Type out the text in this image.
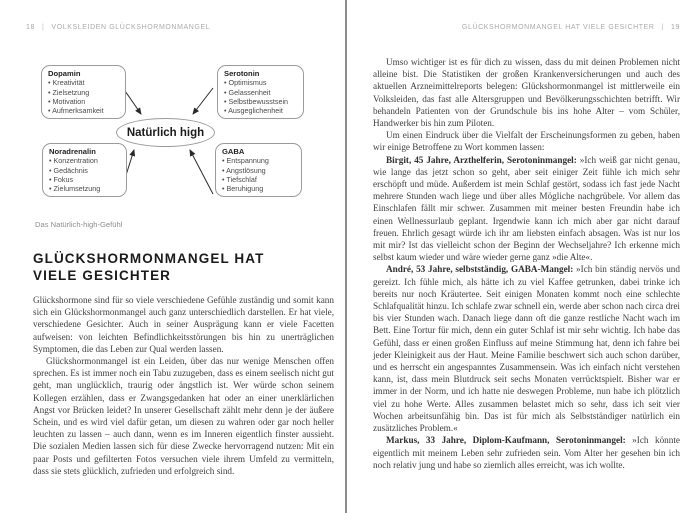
18 | VOLKSLEIDEN GLÜCKSHORMONMANGEL
Dopamin
• Kreativität
• Zielsetzung
• Motivation
• Aufmerksamkeit
Serotonin
• Optimismus
• Gelassenheit
• Selbstbewusstsein
• Ausgeglichenheit
Noradrenalin
• Konzentration
• Gedächnis
• Fokus
• Zielumsetzung
GABA
• Entspannung
• Angstlösung
• Tiefschlaf
• Beruhigung
Natürlich high
Das Natürlich-high-Gefühl
GLÜCKSHORMONMANGEL HAT VIELE GESICHTER

Glückshormone sind für so viele verschiedene Gefühle zuständig und somit kann sich ein Glückshormonmangel auch ganz unterschiedlich darstellen. Er hat viele, verschiedene Gesichter. Auch in seiner Ausprägung kann er viele Facetten aufweisen: von leichten Befindlichkeitsstörungen bis hin zu unerträglichen Symptomen, die das Leben zur Qual werden lassen.

Glückshormonmangel ist ein Leiden, über das nur wenige Menschen offen sprechen. Es ist immer noch ein Tabu zuzugeben, dass es einem seelisch nicht gut geht, man unglücklich, traurig oder ängstlich ist. Wer würde schon seinem Kollegen erzählen, dass er Zwangsgedanken hat oder an einer unerklärlichen Angst vor Brücken leidet? In unserer Gesellschaft zählt mehr denn je der äußere Schein, und es wird viel dafür getan, um diesen zu wahren oder gar noch heller leuchten zu lassen – auch dann, wenn es im Inneren eigentlich finster aussieht. Die sozialen Medien lassen sich für diese Zwecke hervorragend nutzen: Mit ein paar Posts und gefilterten Fotos versuchen viele ihrem Umfeld zu vermitteln, dass sie stets glücklich, zufrieden und erfolgreich sind.

GLÜCKSHORMONMANGEL HAT VIELE GESICHTER | 19

Umso wichtiger ist es für dich zu wissen, dass du mit deinen Problemen nicht alleine bist. Die Statistiken der großen Krankenversicherungen und auch des aktuellen Arzneimittelreports belegen: Glückshormonmangel ist mittlerweile ein Volksleiden, das fast alle Altersgruppen und Bevölkerungsschichten betrifft. Wir behandeln Patienten von der Grundschule bis ins hohe Alter – vom Schüler, Handwerker bis hin zum Piloten.

Um einen Eindruck über die Vielfalt der Erscheinungsformen zu geben, haben wir einige Betroffene zu Wort kommen lassen:

Birgit, 45 Jahre, Arzthelferin, Serotoninmangel: »Ich weiß gar nicht genau, wie lange das jetzt schon so geht, aber seit einiger Zeit fühle ich mich sehr erschöpft und müde. Außerdem ist mein Schlaf gestört, sodass ich fast jede Nacht mehrere Stunden wach liege und über alles Mögliche nachgrübele. Vor allem das Einschlafen fällt mir schwer. Zusammen mit meiner besten Freundin habe ich einen Wellnessurlaub geplant. Irgendwie kann ich mich aber gar nicht darauf freuen. Ehrlich gesagt würde ich ihr am liebsten einfach absagen. Was ist nur los mit mir? Ist das vielleicht schon der Beginn der Wechseljahre? Ich erkenne mich selbst kaum wieder und wäre wieder gerne ganz »die Alte«.

André, 53 Jahre, selbstständig, GABA-Mangel: »Ich bin ständig nervös und gereizt. Ich fühle mich, als hätte ich zu viel Kaffee getrunken, dabei trinke ich bereits nur noch Kräutertee. Seit einigen Monaten kommt noch eine schlechte Schlafqualität hinzu. Ich schlafe zwar schnell ein, werde aber schon nach circa drei bis vier Stunden wach. Danach liege dann oft die ganze restliche Nacht wach im Bett. Eine Tortur für mich, denn ein guter Schlaf ist mir sehr wichtig. Ich habe das Gefühl, dass er einen großen Einfluss auf meine Stimmung hat, denn ich fahre bei jeder Kleinigkeit aus der Haut. Meine Familie beschwert sich auch schon darüber, und es herrscht ein angespanntes Zusammensein. Was ich einfach nicht verstehen kann, ist, dass mein Blutdruck seit sechs Monaten verrücktspielt. Bisher war er immer in der Norm, und ich hatte nie deswegen Probleme, nun habe ich plötzlich viel zu hohe Werte. Alles zusammen belastet mich so sehr, dass ich seit vier Wochen arbeitsunfähig bin. Das ist für mich als Selbstständiger natürlich ein zusätzliches Problem.«

Markus, 33 Jahre, Diplom-Kaufmann, Serotoninmangel: »Ich könnte eigentlich mit meinem Leben sehr zufrieden sein. Vom Alter her gesehen bin ich noch relativ jung und habe so ziemlich alles erreicht, was ich wollte.
